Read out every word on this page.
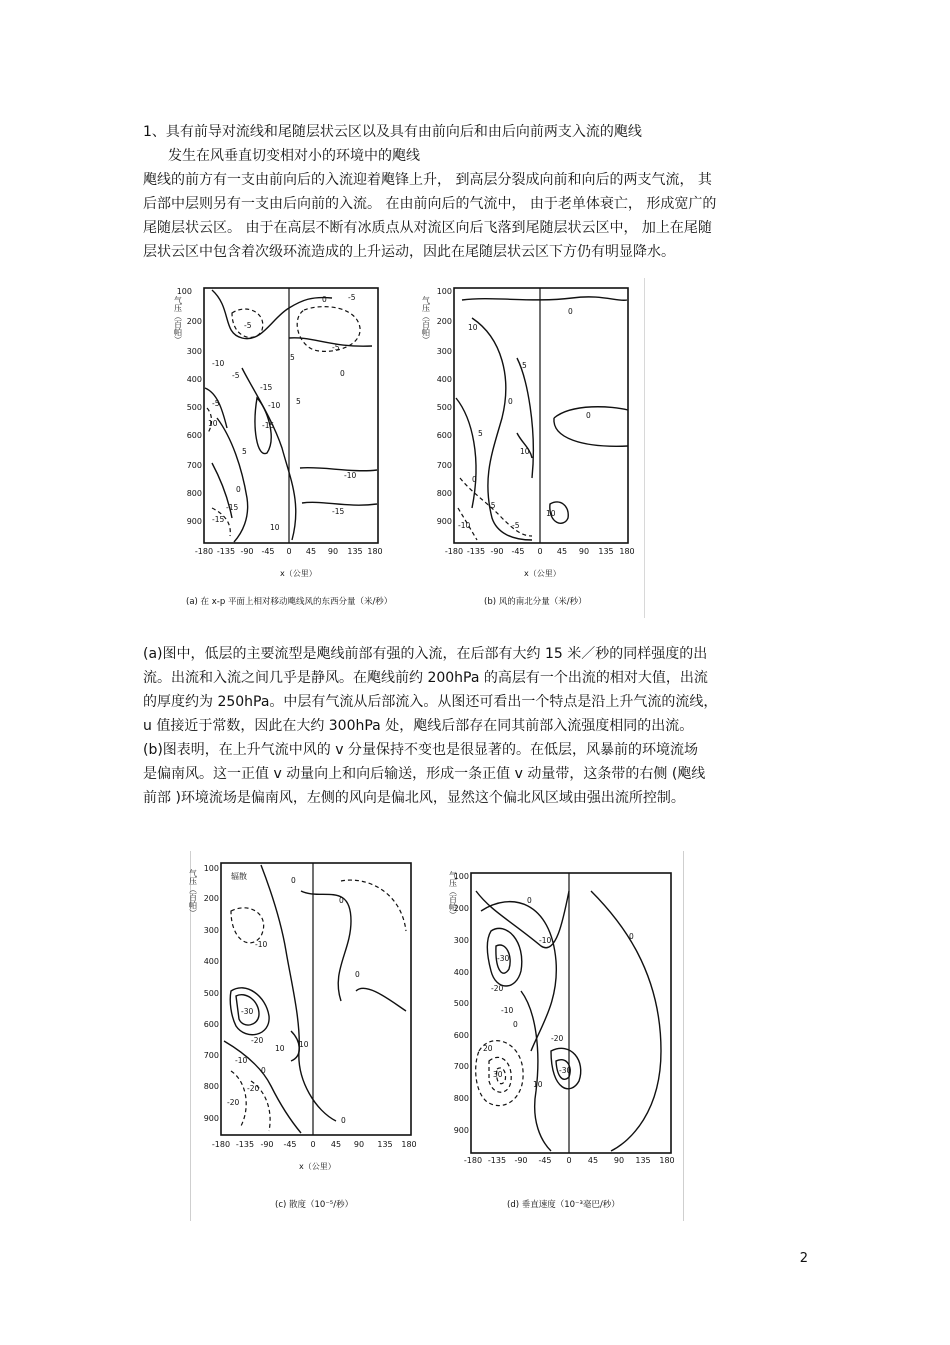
1、具有前导对流线和尾随层状云区以及具有由前向后和由后向前两支入流的飑线
发生在风垂直切变相对小的环境中的飑线
飑线的前方有一支由前向后的入流迎着飑锋上升， 到高层分裂成向前和向后的两支气流， 其
后部中层则另有一支由后向前的入流。 在由前向后的气流中， 由于老单体衰亡， 形成宽广的
尾随层状云区。 由于在高层不断有冰质点从对流区向后飞落到尾随层状云区中， 加上在尾随
层状云区中包含着次级环流造成的上升运动，因此在尾随层状云区下方仍有明显降水。
气压（百帕）
100
200
300
400
500
600
700
800
900
-180 -135 -90 -45 0 45 90 135 180
x（公里）
(a) 在 x-p 平面上相对移动飑线风的东西分量（米/秒）
0	-5
-5
-5
5
0
-10
-15
5
-10
-15
-10
-15
-5
10
5
-5
-15
0
-15
10
气压（百帕）
100
200
300
400
500
600
700
800
900
-180 -135 -90 -45 0 45 90 135 180
x（公里）
(b) 风的南北分量（米/秒）
10
0
0
10
0
5
-5
0
-5
-10
10
5
(a)图中，低层的主要流型是飑线前部有强的入流，在后部有大约 15 米／秒的同样强度的出
流。出流和入流之间几乎是静风。在飑线前约 200hPa 的高层有一个出流的相对大值，出流
的厚度约为 250hPa。中层有气流从后部流入。从图还可看出一个特点是沿上升气流的流线，
u 值接近于常数，因此在大约 300hPa 处，飑线后部存在同其前部入流强度相同的出流。
(b)图表明，在上升气流中风的 v 分量保持不变也是很显著的。在低层，风暴前的环境流场
是偏南风。这一正值 v 动量向上和向后输送，形成一条正值 v 动量带，这条带的右侧 (飑线
前部 )环境流场是偏南风，左侧的风向是偏北风，显然这个偏北风区域由强出流所控制。
气压（百帕）	辐散
100
200
300
400
500
600
700
800
900
-180 -135 -90 -45 0 45 90 135 180
x（公里）
(c) 散度（10⁻⁵/秒）
0
-10
0
-30
-20
10 10
0
0
-20
0
-10
-20
气压（百帕）
100
200
300
400
500
600
700
800
900
-180 -135 -90 -45 0 45 90 135 180
(d) 垂直速度（10⁻³毫巴/秒）
0
-10
-30
-20
-10
0
-30
20
30
10
0
-20
2
